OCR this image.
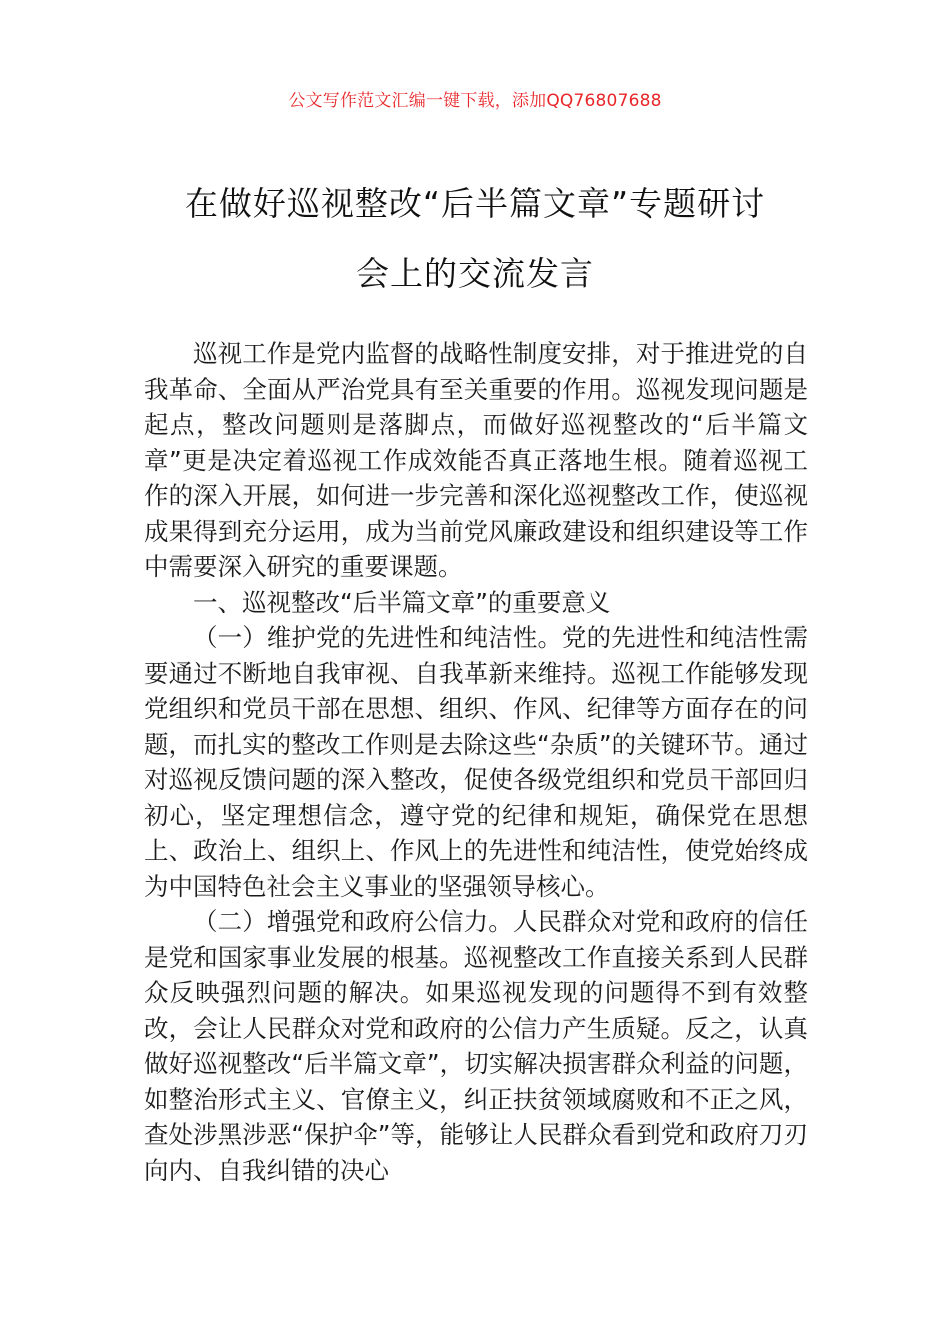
公文写作范文汇编一键下载，添加QQ76807688
在做好巡视整改“后半篇文章”专题研讨
会上的交流发言

巡视工作是党内监督的战略性制度安排，对于推进党的自我革命、全面从严治党具有至关重要的作用。巡视发现问题是起点，整改问题则是落脚点，而做好巡视整改的“后半篇文章”更是决定着巡视工作成效能否真正落地生根。随着巡视工作的深入开展，如何进一步完善和深化巡视整改工作，使巡视成果得到充分运用，成为当前党风廉政建设和组织建设等工作中需要深入研究的重要课题。

一、巡视整改“后半篇文章”的重要意义

（一）维护党的先进性和纯洁性。党的先进性和纯洁性需要通过不断地自我审视、自我革新来维持。巡视工作能够发现党组织和党员干部在思想、组织、作风、纪律等方面存在的问题，而扎实的整改工作则是去除这些“杂质”的关键环节。通过对巡视反馈问题的深入整改，促使各级党组织和党员干部回归初心，坚定理想信念，遵守党的纪律和规矩，确保党在思想上、政治上、组织上、作风上的先进性和纯洁性，使党始终成为中国特色社会主义事业的坚强领导核心。

（二）增强党和政府公信力。人民群众对党和政府的信任是党和国家事业发展的根基。巡视整改工作直接关系到人民群众反映强烈问题的解决。如果巡视发现的问题得不到有效整改，会让人民群众对党和政府的公信力产生质疑。反之，认真做好巡视整改“后半篇文章”，切实解决损害群众利益的问题，如整治形式主义、官僚主义，纠正扶贫领域腐败和不正之风，查处涉黑涉恶“保护伞”等，能够让人民群众看到党和政府刀刃向内、自我纠错的决心
